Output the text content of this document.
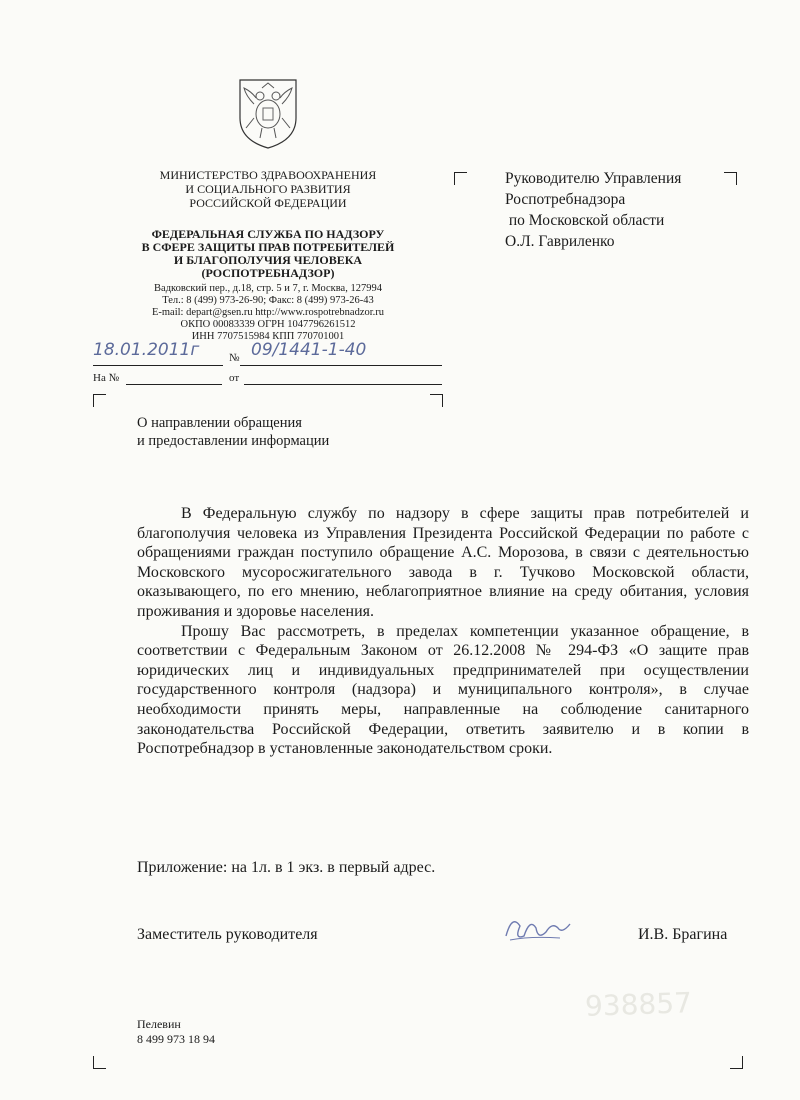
МИНИСТЕРСТВО ЗДРАВООХРАНЕНИЯ
И СОЦИАЛЬНОГО РАЗВИТИЯ
РОССИЙСКОЙ ФЕДЕРАЦИИ
ФЕДЕРАЛЬНАЯ СЛУЖБА ПО НАДЗОРУ
В СФЕРЕ ЗАЩИТЫ ПРАВ ПОТРЕБИТЕЛЕЙ
И БЛАГОПОЛУЧИЯ ЧЕЛОВЕКА
(РОСПОТРЕБНАДЗОР)
Вадковский пер., д.18, стр. 5 и 7, г. Москва, 127994
Тел.: 8 (499) 973-26-90; Факс: 8 (499) 973-26-43
E-mail: depart@gsen.ru http://www.rospotrebnadzor.ru
ОКПО 00083339 ОГРН 1047796261512
ИНН 7707515984 КПП 770701001
18.01.2011г	№ 09/1441-1-40
На №	от
Руководителю Управления
Роспотребнадзора
по Московской области
О.Л. Гавриленко
О направлении обращения
и предоставлении информации

В Федеральную службу по надзору в сфере защиты прав потребителей и благополучия человека из Управления Президента Российской Федерации по работе с обращениями граждан поступило обращение А.С. Морозова, в связи с деятельностью Московского мусоросжигательного завода в г. Тучково Московской области, оказывающего, по его мнению, неблагоприятное влияние на среду обитания, условия проживания и здоровье населения.

Прошу Вас рассмотреть, в пределах компетенции указанное обращение, в соответствии с Федеральным Законом от 26.12.2008 № 294-ФЗ «О защите прав юридических лиц и индивидуальных предпринимателей при осуществлении государственного контроля (надзора) и муниципального контроля», в случае необходимости принять меры, направленные на соблюдение санитарного законодательства Российской Федерации, ответить заявителю и в копии в Роспотребнадзор в установленные законодательством сроки.

Приложение: на 1л. в 1 экз. в первый адрес.
Заместитель руководителя	И.В. Брагина
938857
Пелевин
8 499 973 18 94
